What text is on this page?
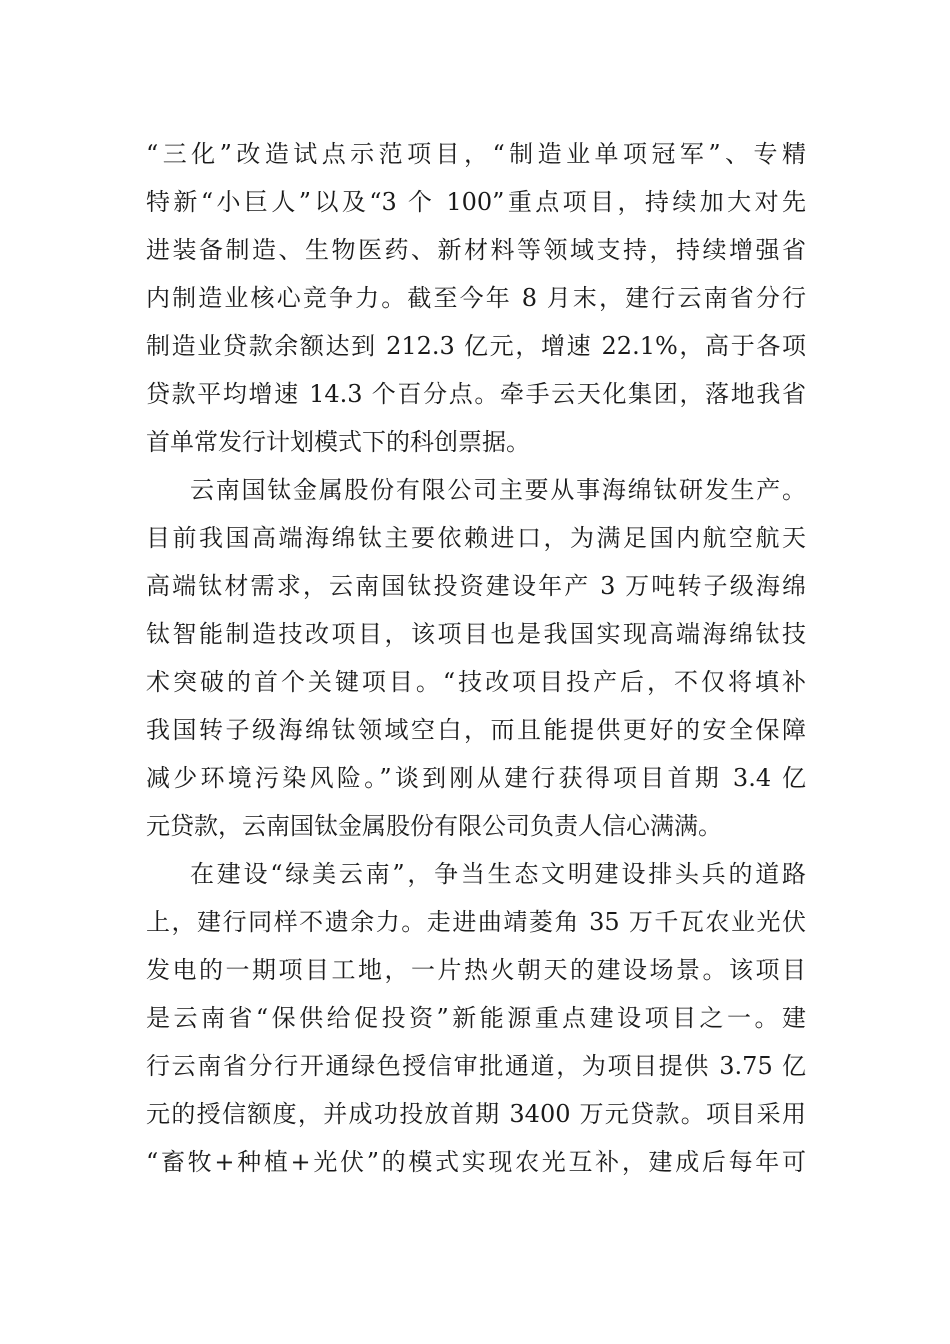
“三化”改造试点示范项目，“制造业单项冠军”、专精
特新“小巨人”以及“3 个 100”重点项目，持续加大对先
进装备制造、生物医药、新材料等领域支持，持续增强省
内制造业核心竞争力。截至今年 8 月末，建行云南省分行
制造业贷款余额达到 212.3 亿元，增速 22.1%，高于各项
贷款平均增速 14.3 个百分点。牵手云天化集团，落地我省
首单常发行计划模式下的科创票据。
云南国钛金属股份有限公司主要从事海绵钛研发生产。
目前我国高端海绵钛主要依赖进口，为满足国内航空航天
高端钛材需求，云南国钛投资建设年产 3 万吨转子级海绵
钛智能制造技改项目，该项目也是我国实现高端海绵钛技
术突破的首个关键项目。“技改项目投产后，不仅将填补
我国转子级海绵钛领域空白，而且能提供更好的安全保障
减少环境污染风险。”谈到刚从建行获得项目首期 3.4 亿
元贷款，云南国钛金属股份有限公司负责人信心满满。
在建设“绿美云南”，争当生态文明建设排头兵的道路
上，建行同样不遗余力。走进曲靖菱角 35 万千瓦农业光伏
发电的一期项目工地，一片热火朝天的建设场景。该项目
是云南省“保供给促投资”新能源重点建设项目之一。建
行云南省分行开通绿色授信审批通道，为项目提供 3.75 亿
元的授信额度，并成功投放首期 3400 万元贷款。项目采用
“畜牧+种植+光伏”的模式实现农光互补，建成后每年可
